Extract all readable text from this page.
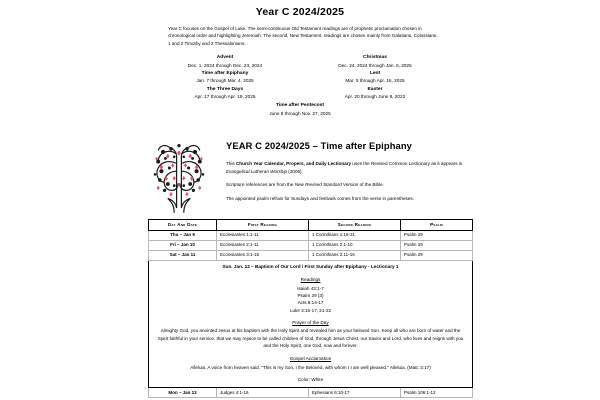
Year C 2024/2025

Year C focuses on the Gospel of Luke. The semi-continuous Old Testament readings are of prophetic proclamation chosen in chronological order and highlighting Jeremiah. The second, New Testament, readings are chosen mainly from Galatians, Colossians, 1 and 2 Timothy and 2 Thessalonians.

Advent
Dec. 1, 2024 through Dec. 23, 2024
Time after Epiphany
Jan. 7 through Mar. 4, 2025
The Three Days
Apr. 17 through Apr. 19, 2025
Christmas
Dec. 24, 2024 through Jan. 6, 2025
Lent
Mar. 5 through Apr. 16, 2025
Easter
Apr. 20 through June 8, 2022
Time after Pentecost
June 9 through Nov. 27, 2025
YEAR C 2024/2025 – Time after Epiphany

This Church Year Calendar, Propers, and Daily Lectionary uses the Revised Common Lectionary as it appears in Evangelical Lutheran Worship (2006).

Scripture references are from the New Revised Standard Version of the Bible.

The appointed psalm refrain for Sundays and festivals comes from the verse in parentheses.

Day And Date	First Reading	Second Reading	Psalm
Thu – Jan 9	Ecclesiastes 1:1-11	1 Corinthians 1:18-31	Psalm 29
Fri – Jan 10	Ecclesiastes 2:1-11	1 Corinthians 2:1-10	Psalm 29
Sat – Jan 11	Ecclesiastes 3:1-15	1 Corinthians 2:11-16	Psalm 29

Sun. Jan. 12 – Baptism of Our Lord / First Sunday after Epiphany - Lectionary 1
Readings
Isaiah 43:1-7
Psalm 29 (3)
Acts 8:14-17
Luke 3:15-17, 21-22
Prayer of the Day
Almighty God, you anointed Jesus at his baptism with the Holy Spirit and revealed him as your beloved Son. Keep all who are born of water and the Spirit faithful in your service, that we may rejoice to be called children of God, through Jesus Christ, our Savior and Lord, who lives and reigns with you and the Holy Spirit, one God, now and forever.
Gospel Acclamation
Alleluia. A voice from heaven said, "This is my Son, I the Beloved, with whom I I am well pleased." Alleluia. (Matt. 3:17)
Color: White

Mon – Jan 13	Judges 4:1-16	Ephesians 6:10-17	Psalm 106:1-12
